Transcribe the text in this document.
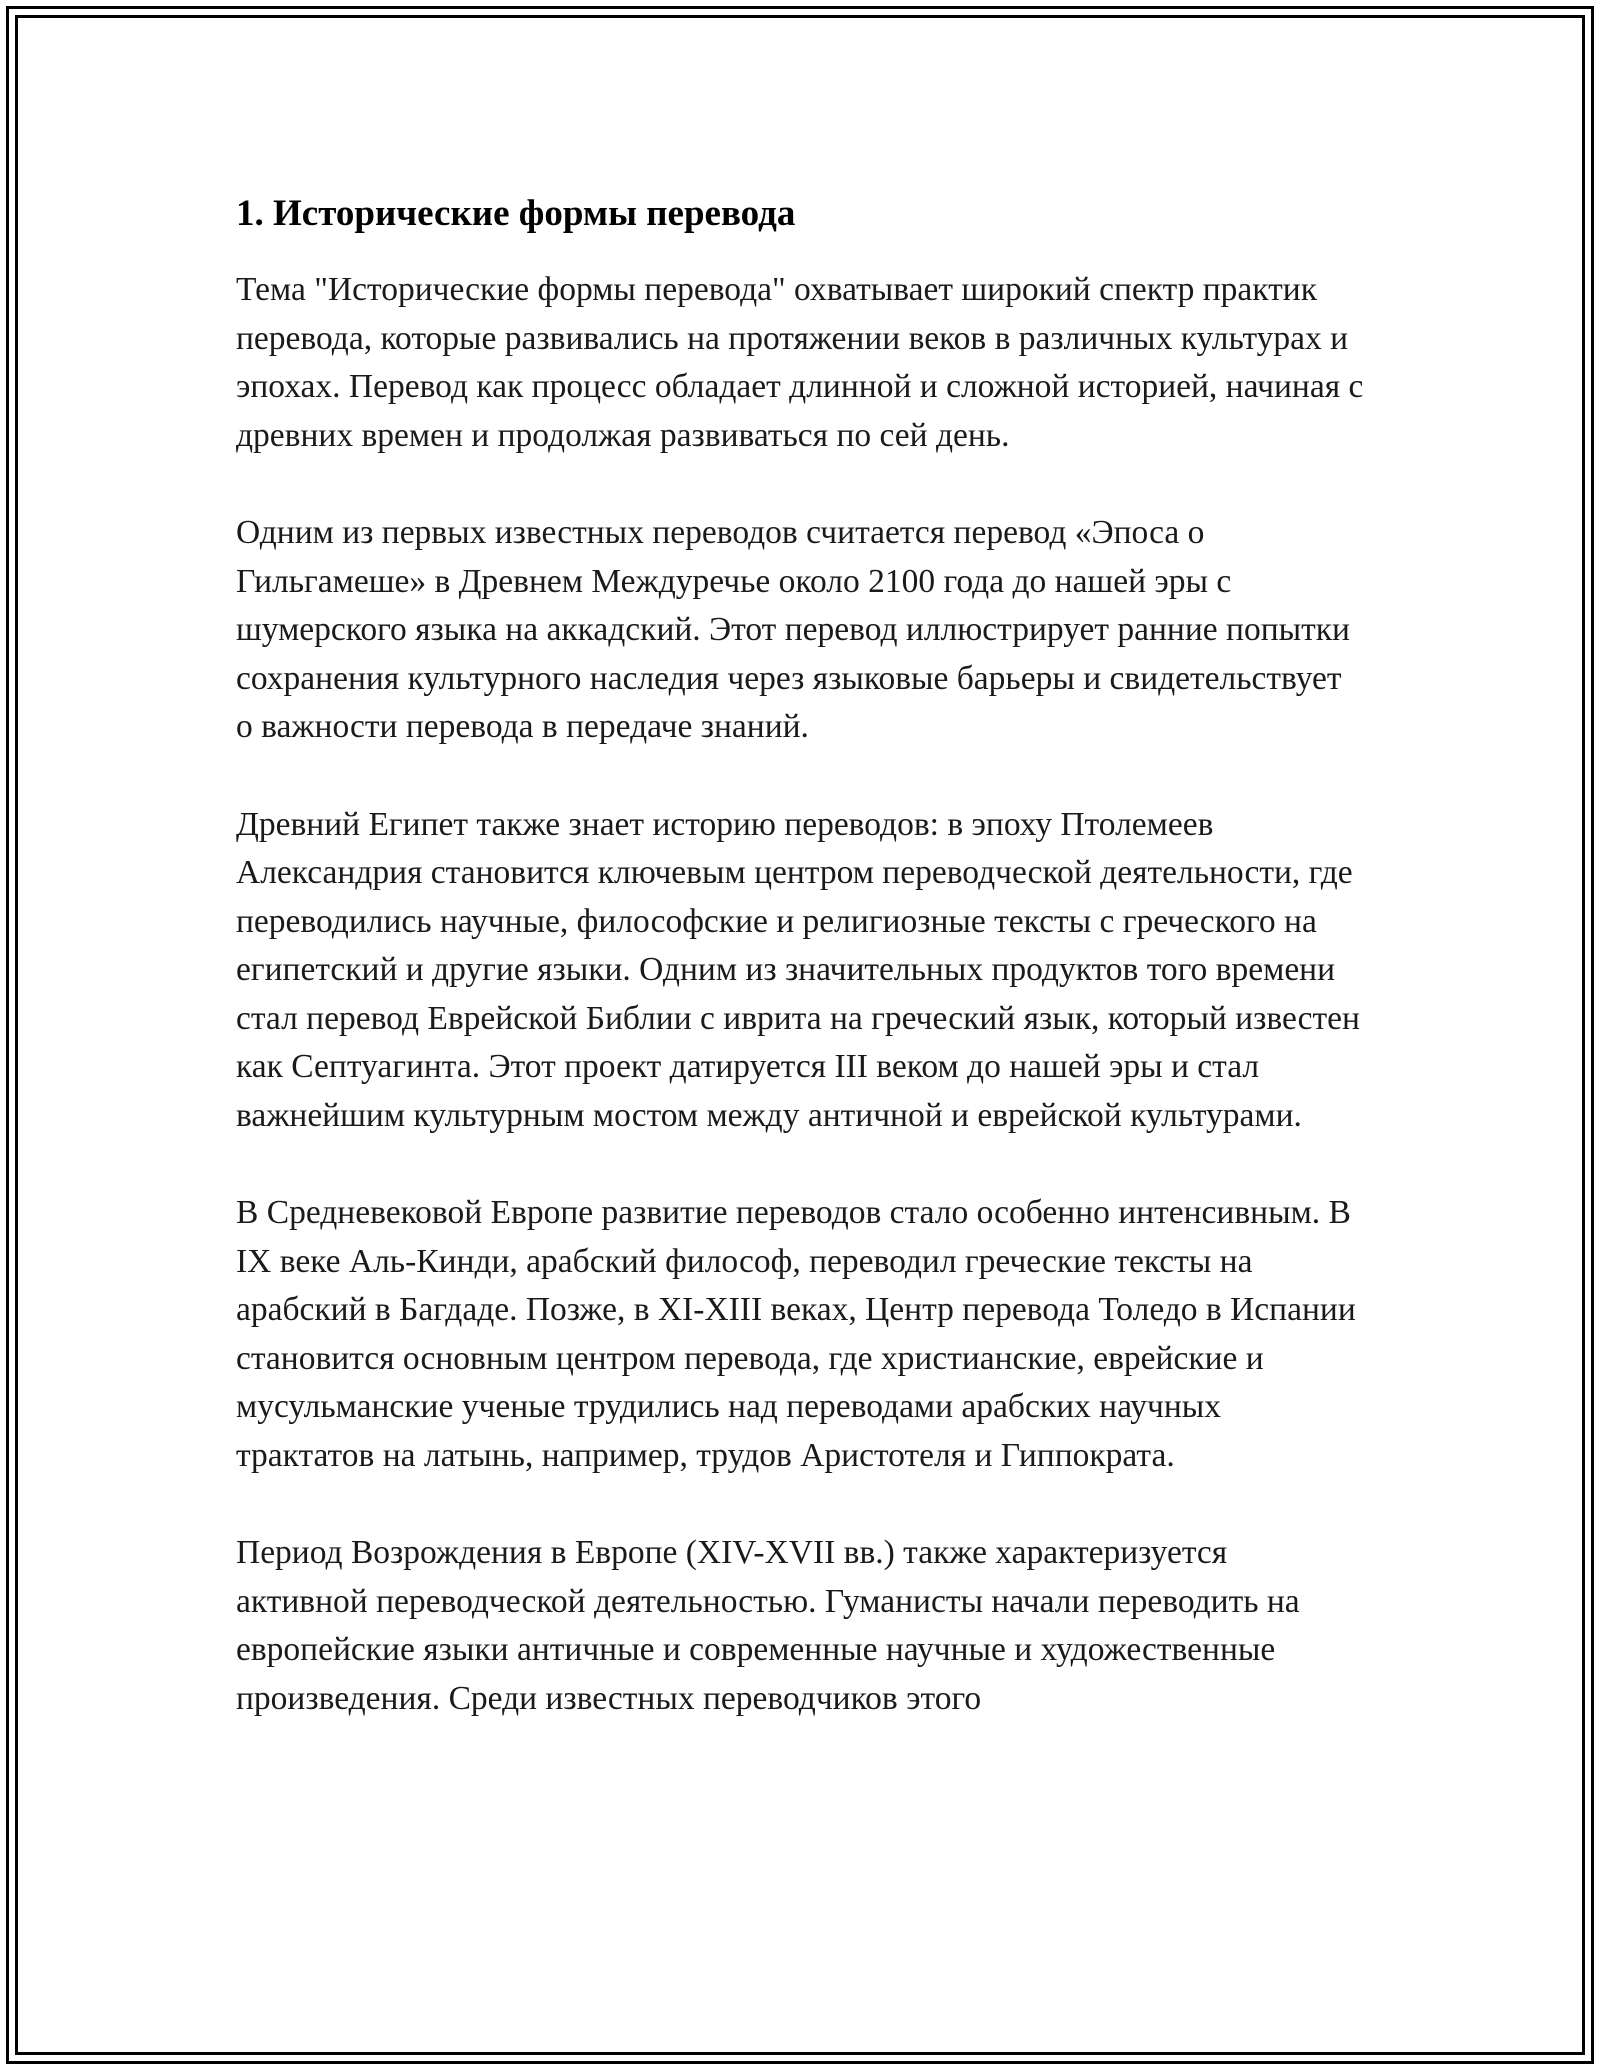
1. Исторические формы перевода

Тема "Исторические формы перевода" охватывает широкий спектр практик перевода, которые развивались на протяжении веков в различных культурах и эпохах. Перевод как процесс обладает длинной и сложной историей, начиная с древних времен и продолжая развиваться по сей день.

Одним из первых известных переводов считается перевод «Эпоса о Гильгамеше» в Древнем Междуречье около 2100 года до нашей эры с шумерского языка на аккадский. Этот перевод иллюстрирует ранние попытки сохранения культурного наследия через языковые барьеры и свидетельствует о важности перевода в передаче знаний.

Древний Египет также знает историю переводов: в эпоху Птолемеев Александрия становится ключевым центром переводческой деятельности, где переводились научные, философские и религиозные тексты с греческого на египетский и другие языки. Одним из значительных продуктов того времени стал перевод Еврейской Библии с иврита на греческий язык, который известен как Септуагинта. Этот проект датируется III веком до нашей эры и стал важнейшим культурным мостом между античной и еврейской культурами.

В Средневековой Европе развитие переводов стало особенно интенсивным. В IX веке Аль-Кинди, арабский философ, переводил греческие тексты на арабский в Багдаде. Позже, в XI-XIII веках, Центр перевода Толедо в Испании становится основным центром перевода, где христианские, еврейские и мусульманские ученые трудились над переводами арабских научных трактатов на латынь, например, трудов Аристотеля и Гиппократа.

Период Возрождения в Европе (XIV-XVII вв.) также характеризуется активной переводческой деятельностью. Гуманисты начали переводить на европейские языки античные и современные научные и художественные произведения. Среди известных переводчиков этого
